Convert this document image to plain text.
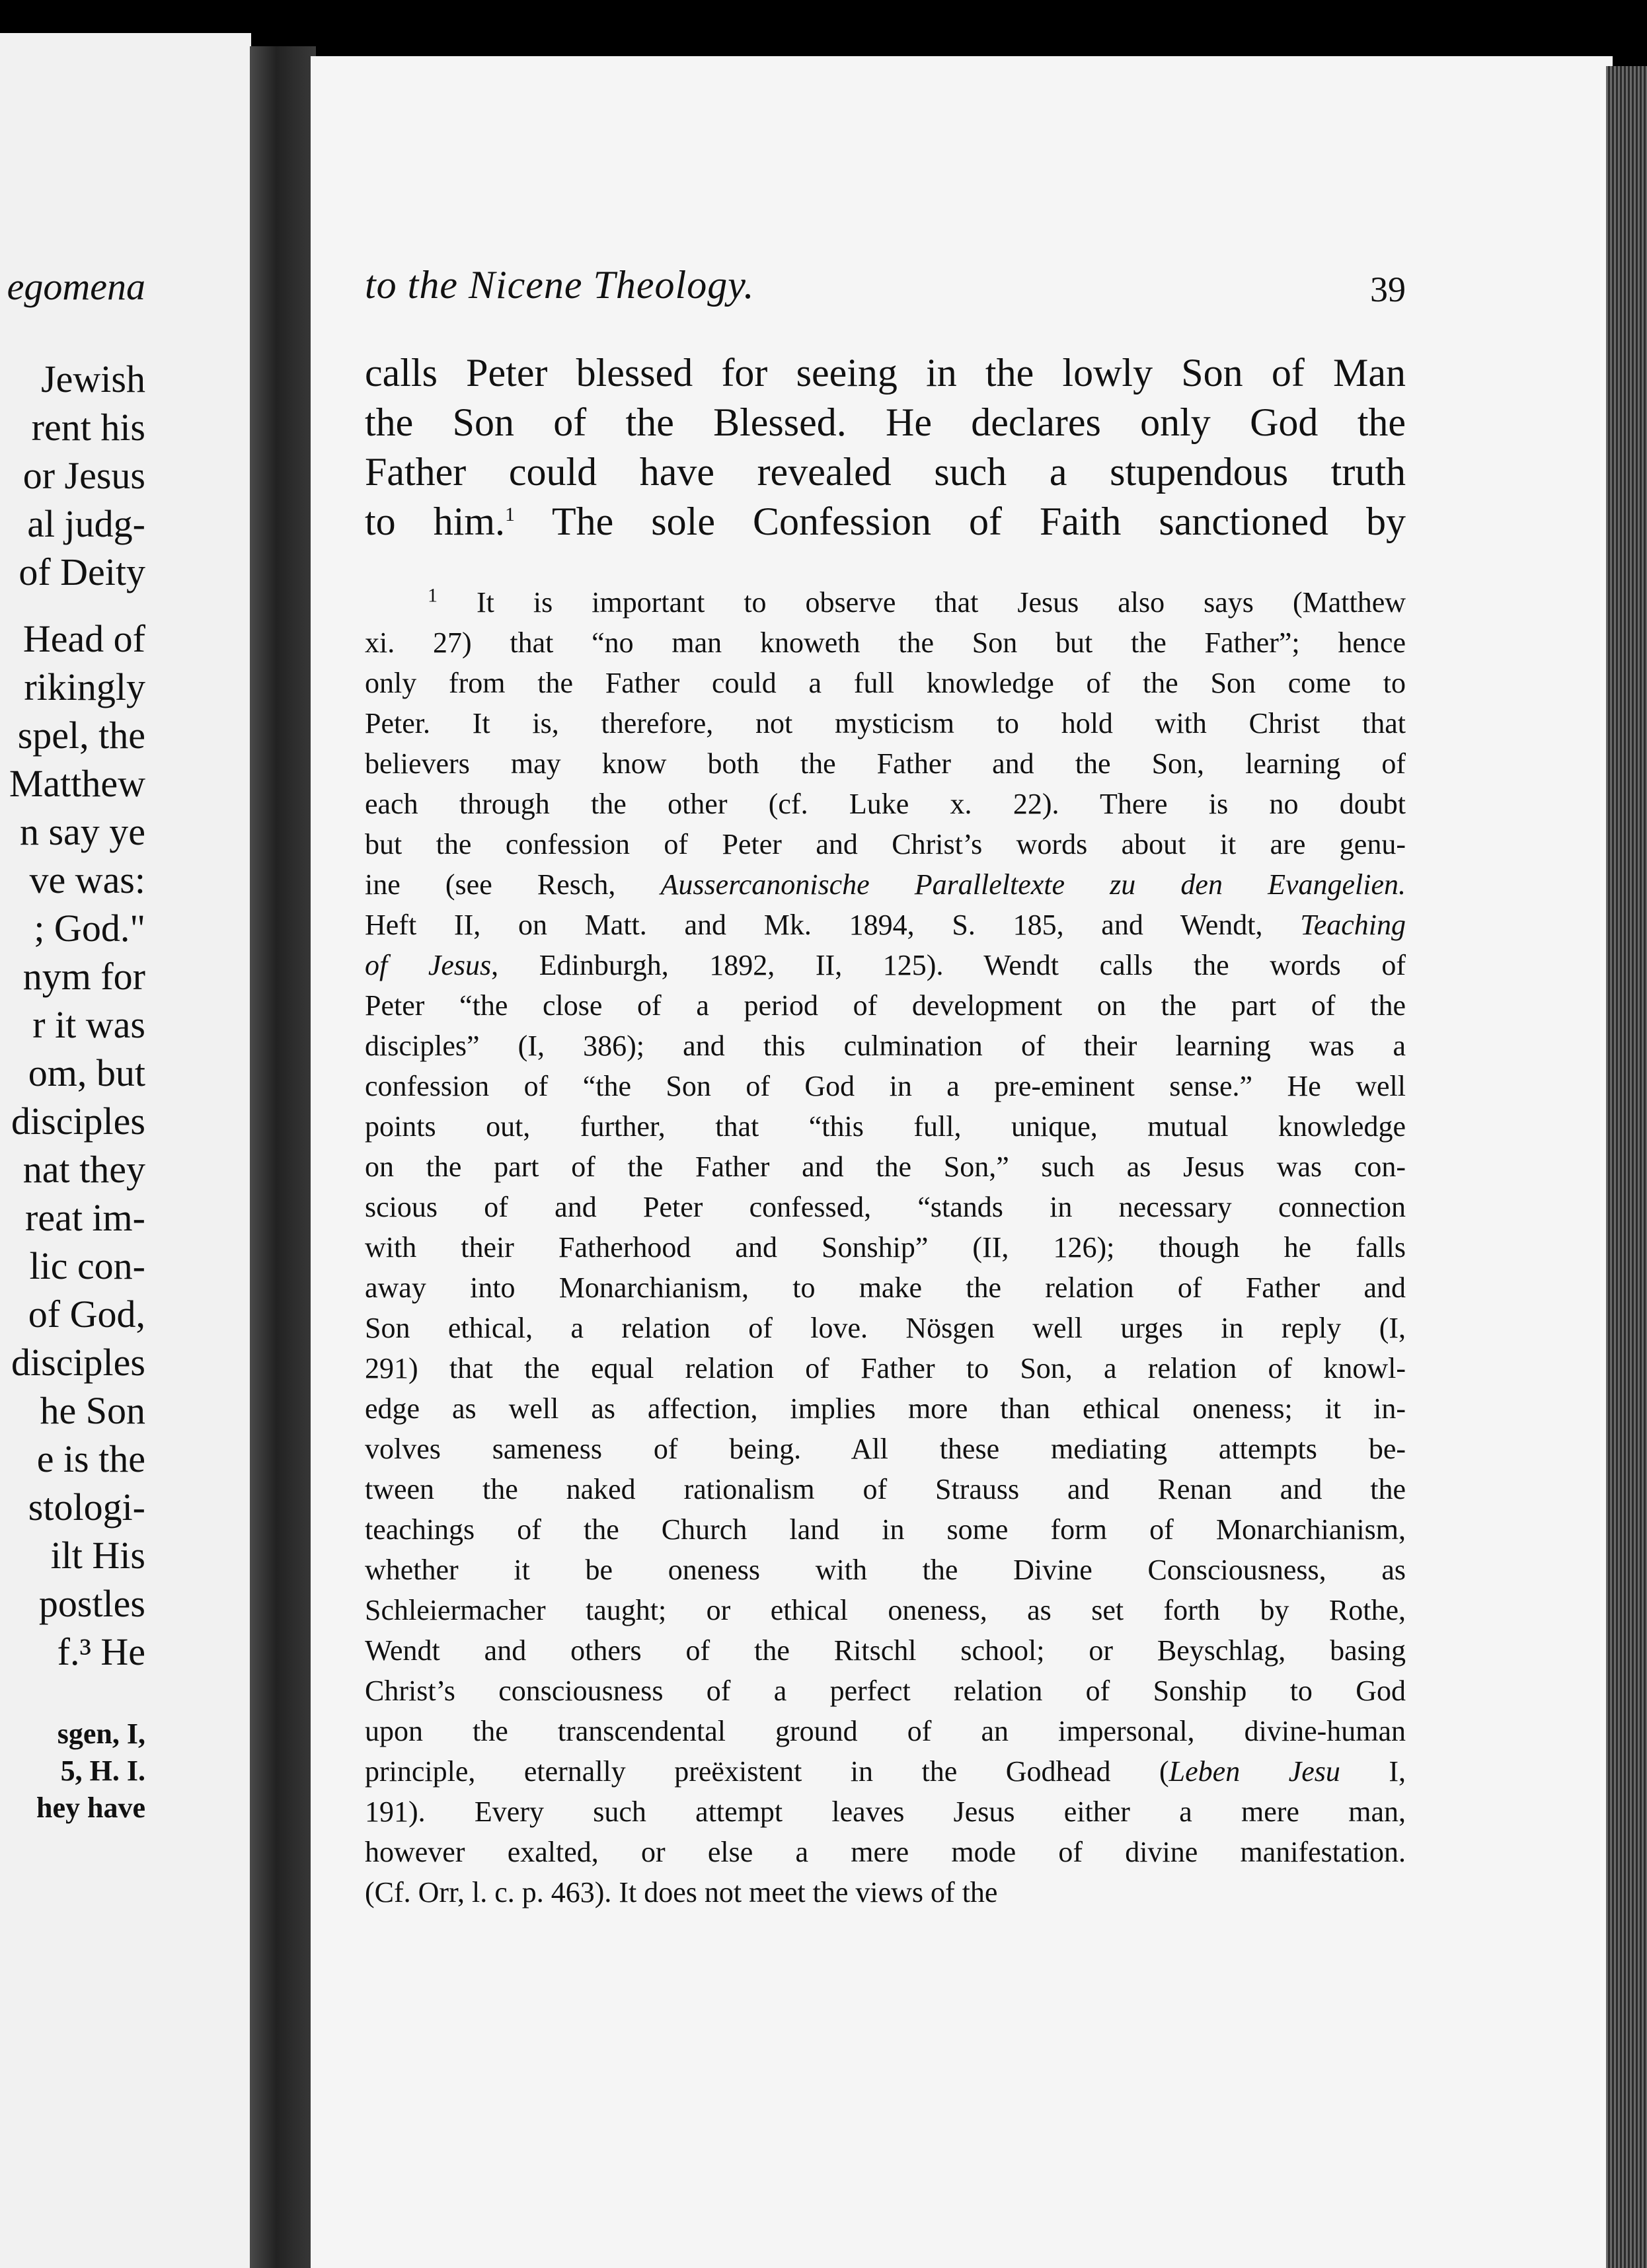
egomena
Jewish
rent his
or Jesus
al judg-
of Deity
Head of
rikingly
spel, the
Matthew
n say ye
ve was:
; God."
nym for
r it was
om, but
disciples
nat they
reat im-
lic con-
of God,
disciples
he Son
e is the
stologi-
ilt His
postles
f.³ He
sgen, I,
5, H. I.
hey have
to the Nicene Theology.	39
calls Peter blessed for seeing in the lowly Son of Man
the Son of the Blessed. He declares only God the
Father could have revealed such a stupendous truth
to him.$^1$ The sole Confession of Faith sanctioned by
$^1$ It is important to observe that Jesus also says (Matthew
xi. 27) that “no man knoweth the Son but the Father”; hence
only from the Father could a full knowledge of the Son come to
Peter. It is, therefore, not mysticism to hold with Christ that
believers may know both the Father and the Son, learning of
each through the other (cf. Luke x. 22). There is no doubt
but the confession of Peter and Christ’s words about it are genu-
ine (see Resch, Aussercanonische Paralleltexte zu den Evangelien.
Heft II, on Matt. and Mk. 1894, S. 185, and Wendt, Teaching
of Jesus, Edinburgh, 1892, II, 125). Wendt calls the words of
Peter “the close of a period of development on the part of the
disciples” (I, 386); and this culmination of their learning was a
confession of “the Son of God in a pre-eminent sense.” He well
points out, further, that “this full, unique, mutual knowledge
on the part of the Father and the Son,” such as Jesus was con-
scious of and Peter confessed, “stands in necessary connection
with their Fatherhood and Sonship” (II, 126); though he falls
away into Monarchianism, to make the relation of Father and
Son ethical, a relation of love. Nösgen well urges in reply (I,
291) that the equal relation of Father to Son, a relation of knowl-
edge as well as affection, implies more than ethical oneness; it in-
volves sameness of being. All these mediating attempts be-
tween the naked rationalism of Strauss and Renan and the
teachings of the Church land in some form of Monarchianism,
whether it be oneness with the Divine Consciousness, as
Schleiermacher taught; or ethical oneness, as set forth by Rothe,
Wendt and others of the Ritschl school; or Beyschlag, basing
Christ’s consciousness of a perfect relation of Sonship to God
upon the transcendental ground of an impersonal, divine-human
principle, eternally preëxistent in the Godhead (Leben Jesu I,
191). Every such attempt leaves Jesus either a mere man,
however exalted, or else a mere mode of divine manifestation.
(Cf. Orr, l. c. p. 463). It does not meet the views of the
